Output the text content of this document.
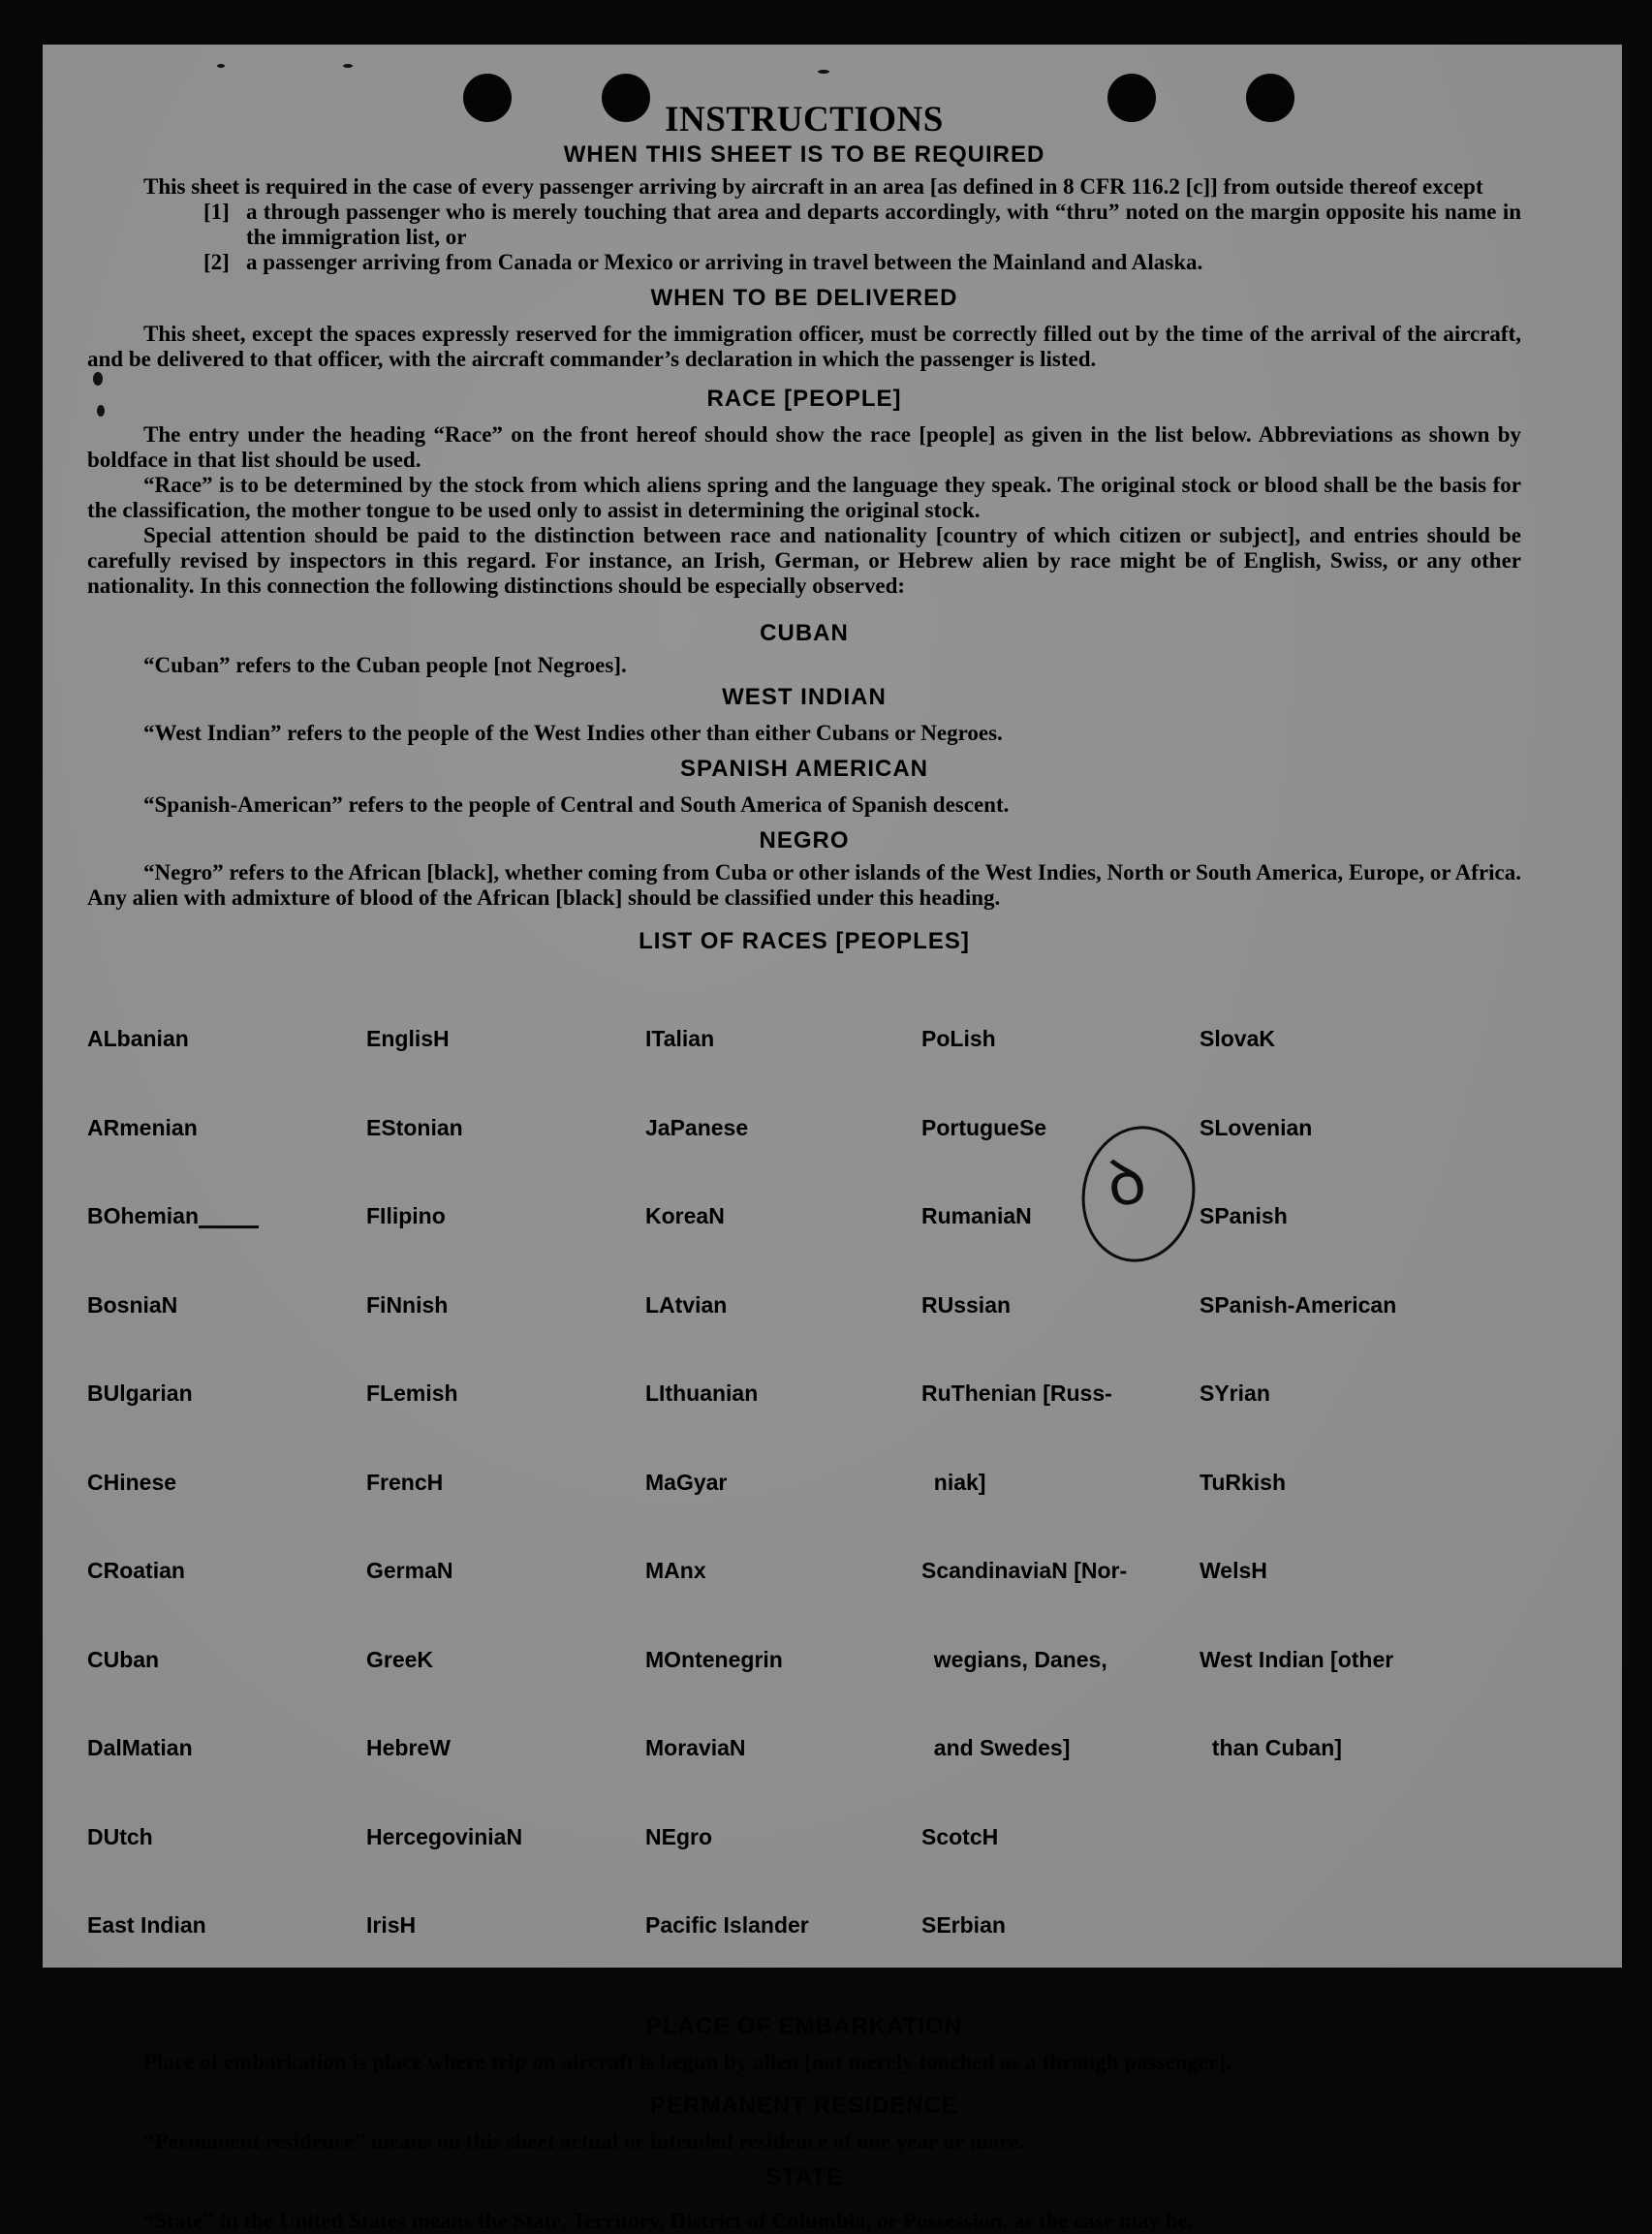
INSTRUCTIONS
WHEN THIS SHEET IS TO BE REQUIRED

This sheet is required in the case of every passenger arriving by aircraft in an area [as defined in 8 CFR 116.2 [c]] from outside thereof except

[1] a through passenger who is merely touching that area and departs accordingly, with “thru” noted on the margin opposite his name in the immigration list, or
[2] a passenger arriving from Canada or Mexico or arriving in travel between the Mainland and Alaska.
WHEN TO BE DELIVERED

This sheet, except the spaces expressly reserved for the immigration officer, must be correctly filled out by the time of the arrival of the aircraft, and be delivered to that officer, with the aircraft commander’s declaration in which the passenger is listed.

RACE [PEOPLE]

The entry under the heading “Race” on the front hereof should show the race [people] as given in the list below. Abbreviations as shown by boldface in that list should be used.

“Race” is to be determined by the stock from which aliens spring and the language they speak. The original stock or blood shall be the basis for the classification, the mother tongue to be used only to assist in determining the original stock.

Special attention should be paid to the distinction between race and nationality [country of which citizen or subject], and entries should be carefully revised by inspectors in this regard. For instance, an Irish, German, or Hebrew alien by race might be of English, Swiss, or any other nationality. In this connection the following distinctions should be especially observed:

CUBAN

“Cuban” refers to the Cuban people [not Negroes].

WEST INDIAN

“West Indian” refers to the people of the West Indies other than either Cubans or Negroes.

SPANISH AMERICAN

“Spanish-American” refers to the people of Central and South America of Spanish descent.

NEGRO

“Negro” refers to the African [black], whether coming from Cuba or other islands of the West Indies, North or South America, Europe, or Africa. Any alien with admixture of blood of the African [black] should be classified under this heading.

LIST OF RACES [PEOPLES]

ALbanian

ARmenian

BOhemian

BosniaN

BUlgarian

CHinese

CRoatian

CUban

DalMatian

DUtch

East Indian

EnglisH

EStonian

FIlipino

FiNnish

FLemish

FrencH

GermaN

GreeK

HebreW

HercegoviniaN

IrisH

ITalian

JaPanese

KoreaN

LAtvian

LIthuanian

MaGyar

MAnx

MOntenegrin

MoraviaN

NEgro

Pacific Islander

PoLish

PortugueSe

RumaniaN

RUssian

RuThenian [Russ-

niak]

ScandinaviaN [Nor-

wegians, Danes,

and Swedes]

ScotcH

SErbian

SlovaK

SLovenian

SPanish

SPanish-American

SYrian

TuRkish

WelsH

West Indian [other

than Cuban]

PLACE OF EMBARKATION

Place of embarkation is place where trip on aircraft is begun by alien [not merely touched as a through passenger].

PERMANENT RESIDENCE

“Permanent residence” means on this sheet actual or intended residence of one year or more.

STATE

“State” in the United States means the State, Territory, District of Columbia, or Possession, as the case may be.

ꝺ
